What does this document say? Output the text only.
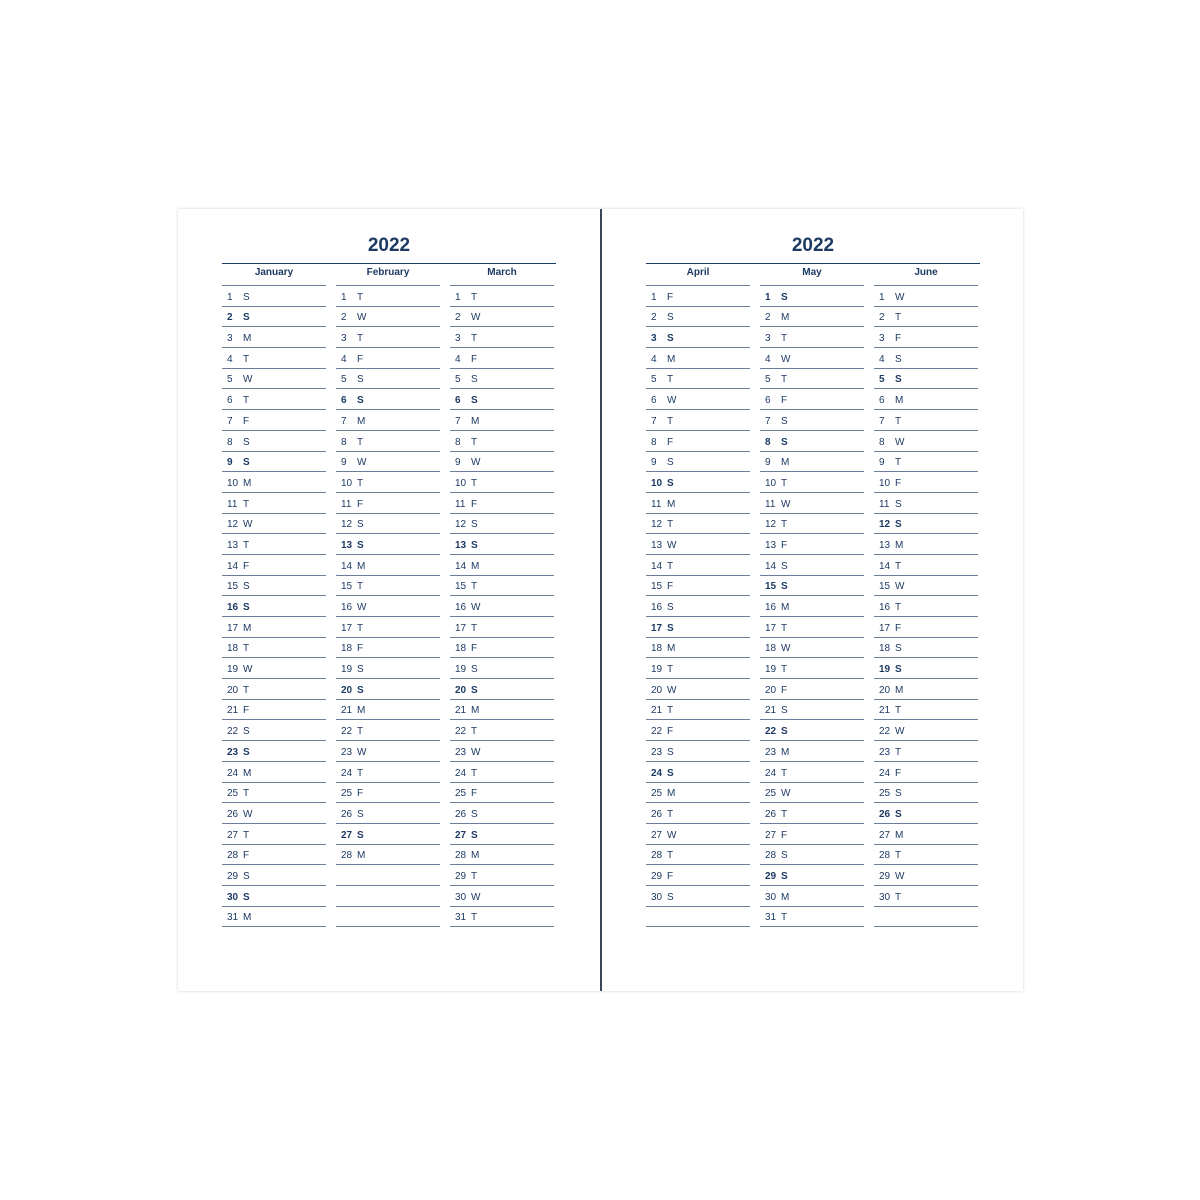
2022
January
1 S
2 S
3 M
4 T
5 W
6 T
7 F
8 S
9 S
10 M
11 T
12 W
13 T
14 F
15 S
16 S
17 M
18 T
19 W
20 T
21 F
22 S
23 S
24 M
25 T
26 W
27 T
28 F
29 S
30 S
31 M
February
1 T
2 W
3 T
4 F
5 S
6 S
7 M
8 T
9 W
10 T
11 F
12 S
13 S
14 M
15 T
16 W
17 T
18 F
19 S
20 S
21 M
22 T
23 W
24 T
25 F
26 S
27 S
28 M
March
1 T
2 W
3 T
4 F
5 S
6 S
7 M
8 T
9 W
10 T
11 F
12 S
13 S
14 M
15 T
16 W
17 T
18 F
19 S
20 S
21 M
22 T
23 W
24 T
25 F
26 S
27 S
28 M
29 T
30 W
31 T
2022
April
1 F
2 S
3 S
4 M
5 T
6 W
7 T
8 F
9 S
10 S
11 M
12 T
13 W
14 T
15 F
16 S
17 S
18 M
19 T
20 W
21 T
22 F
23 S
24 S
25 M
26 T
27 W
28 T
29 F
30 S
May
1 S
2 M
3 T
4 W
5 T
6 F
7 S
8 S
9 M
10 T
11 W
12 T
13 F
14 S
15 S
16 M
17 T
18 W
19 T
20 F
21 S
22 S
23 M
24 T
25 W
26 T
27 F
28 S
29 S
30 M
31 T
June
1 W
2 T
3 F
4 S
5 S
6 M
7 T
8 W
9 T
10 F
11 S
12 S
13 M
14 T
15 W
16 T
17 F
18 S
19 S
20 M
21 T
22 W
23 T
24 F
25 S
26 S
27 M
28 T
29 W
30 T
